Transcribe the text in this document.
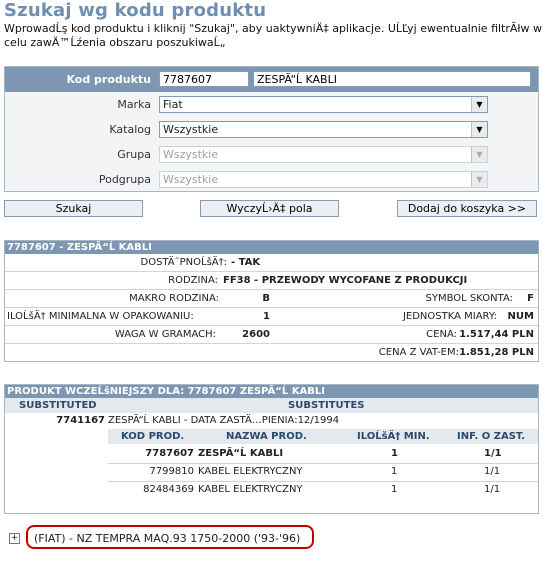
Szukaj wg kodu produktu
WprowadĹş kod produktu i kliknij "Szukaj", aby uaktywniÄ‡ aplikacje. UĹĽyj ewentualnie filtrĂłw w celu zawÄ™Ĺźenia obszaru poszukiwaĹ„
Kod produktu	7787607	ZESPÃ“Ĺ KABLI
Marka	Fiat	▼
Katalog	Wszystkie	▼
Grupa	Wszystkie	▼
Podgrupa	Wszystkie	▼
Szukaj	WyczyĹ›Ä‡ pola	Dodaj do koszyka >>
7787607 - ZESPÃ“Ĺ KABLI
DOSTÄ˜PNOĹšÄ†: - TAK
RODZINA: FF38 - PRZEWODY WYCOFANE Z PRODUKCJI
MAKRO RODZINA:	B	SYMBOL SKONTA:	F
ILOĹšÄ† MINIMALNA W OPAKOWANIU:	1	JEDNOSTKA MIARY:	NUM
WAGA W GRAMACH:	2600	CENA: 1.517,44 PLN
CENA Z VAT-EM: 1.851,28 PLN
PRODUKT WCZEĹšNIEJSZY DLA: 7787607 ZESPÃ“Ĺ KABLI
SUBSTITUTED	SUBSTITUTES
7741167 ZESPÃ“Ĺ KABLI - DATA ZASTÄ…PIENIA:12/1994
KOD PROD.	NAZWA PROD.	ILOĹšÄ† MIN.	INF. O ZAST.
7787607 ZESPÃ“Ĺ KABLI	1	1/1
7799810 KABEL ELEKTRYCZNY	1	1/1
82484369 KABEL ELEKTRYCZNY	1	1/1
+	(FIAT) - NZ TEMPRA MAQ.93 1750-2000 ('93-'96)
